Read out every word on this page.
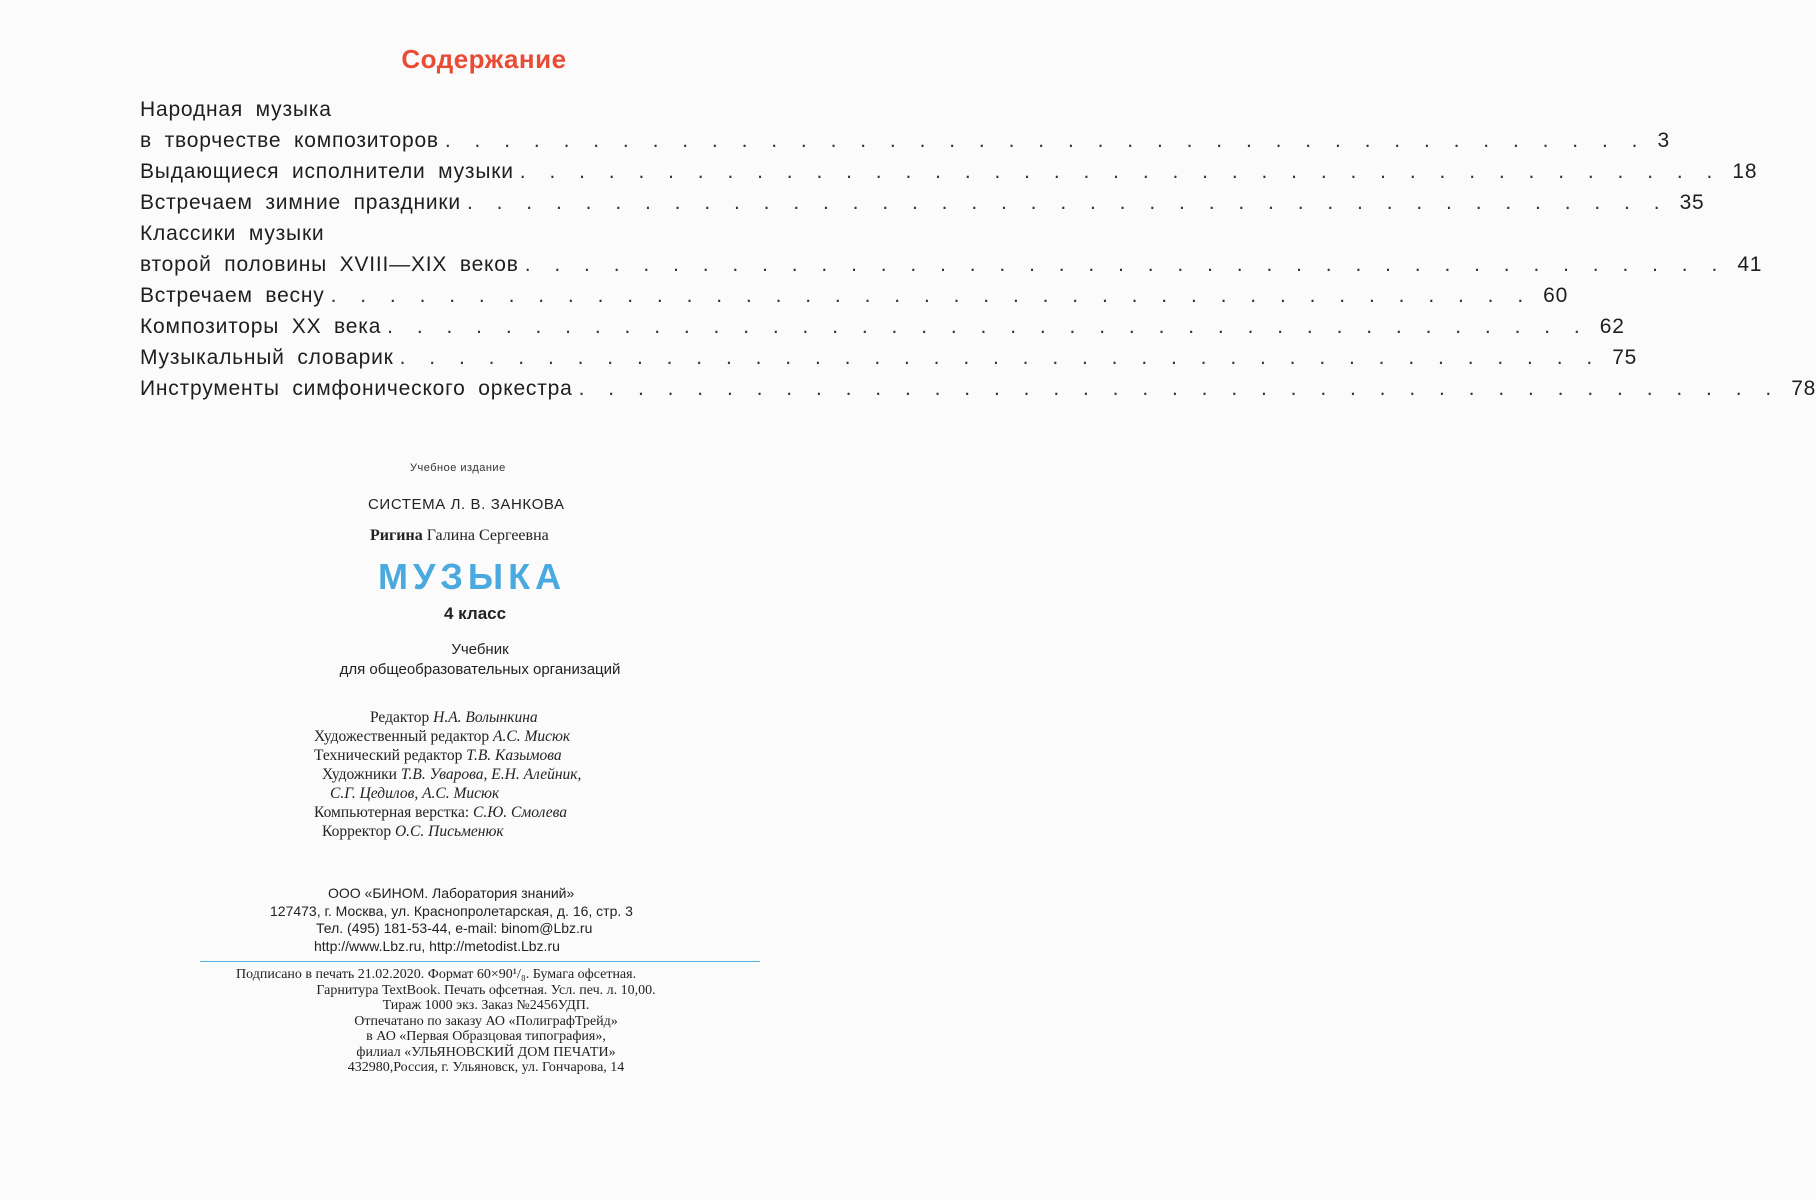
Содержание
Народная музыка
в творчестве композиторов . . . . . . . . . . . . . . . . . . . . . . . . . . . . . . . . . . . . . . . . . 3
Выдающиеся исполнители музыки . . . . . . . . . . . . . . . . . . . . . . . . . . . . . . . . . . . . . . . . . 18
Встречаем зимние праздники . . . . . . . . . . . . . . . . . . . . . . . . . . . . . . . . . . . . . . . . . 35
Классики музыки
второй половины XVIII—XIX веков . . . . . . . . . . . . . . . . . . . . . . . . . . . . . . . . . . . . . . . . . 41
Встречаем весну . . . . . . . . . . . . . . . . . . . . . . . . . . . . . . . . . . . . . . . . . 60
Композиторы XX века . . . . . . . . . . . . . . . . . . . . . . . . . . . . . . . . . . . . . . . . . 62
Музыкальный словарик . . . . . . . . . . . . . . . . . . . . . . . . . . . . . . . . . . . . . . . . . 75
Инструменты симфонического оркестра . . . . . . . . . . . . . . . . . . . . . . . . . . . . . . . . . . . . . . . . . 78
Учебное издание
СИСТЕМА Л. В. ЗАНКОВА
Ригина Галина Сергеевна
МУЗЫКА
4 класс
Учебник
для общеобразовательных организаций
Редактор Н.А. Волынкина
Художественный редактор А.С. Мисюк
Технический редактор Т.В. Казымова
Художники Т.В. Уварова, Е.Н. Алейник,
С.Г. Цедилов, А.С. Мисюк
Компьютерная верстка: С.Ю. Смолева
Корректор О.С. Письменюк
ООО «БИНОМ. Лаборатория знаний»
127473, г. Москва, ул. Краснопролетарская, д. 16, стр. 3
Тел. (495) 181-53-44, e-mail: binom@Lbz.ru
http://www.Lbz.ru, http://metodist.Lbz.ru
Подписано в печать 21.02.2020. Формат 60×90¹/₈. Бумага офсетная.
Гарнитура TextBook. Печать офсетная. Усл. печ. л. 10,00.
Тираж 1000 экз. Заказ №2456УДП.
Отпечатано по заказу АО «ПолиграфТрейд»
в АО «Первая Образцовая типография»,
филиал «УЛЬЯНОВСКИЙ ДОМ ПЕЧАТИ»
432980,Россия, г. Ульяновск, ул. Гончарова, 14
